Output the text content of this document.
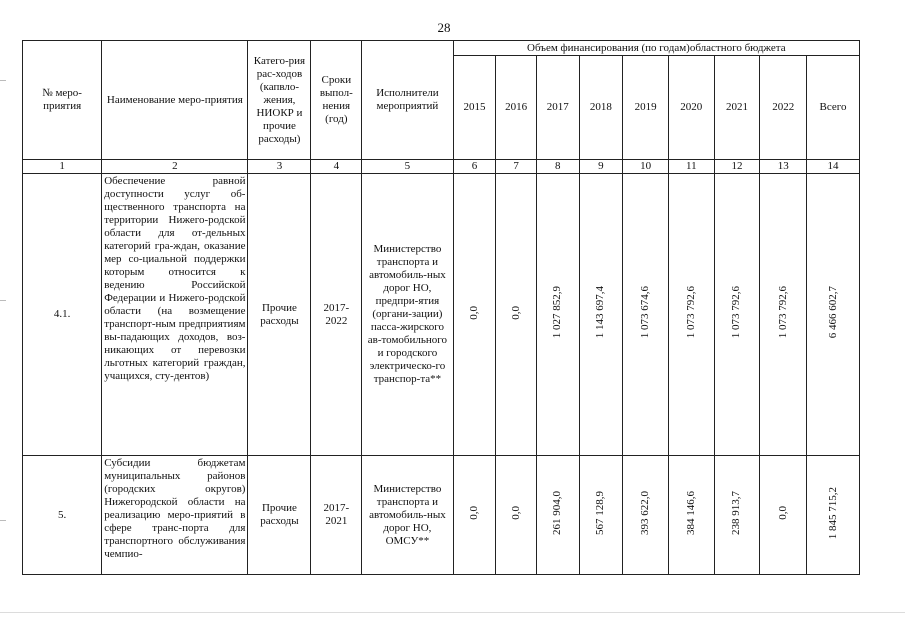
28
№ меро-приятия	Наименование меро-приятия	Катего-рия рас-ходов (капвло-жения, НИОКР и прочие расходы)	Сроки выпол-нения (год)	Исполнители мероприятий	Объем финансирования (по годам)областного бюджета								
					2015	2016	2017	2018	2019	2020	2021	2022	Всего
1	2	3	4	5	6	7	8	9	10	11	12	13	14
4.1.	Обеспечение равной доступности услуг об-щественного транспорта на территории Нижего-родской области для от-дельных категорий гра-ждан, оказание мер со-циальной поддержки которым относится к ведению Российской Федерации и Нижего-родской области (на возмещение транспорт-ным предприятиям вы-падающих доходов, воз-никающих от перевозки льготных категорий граждан, учащихся, сту-дентов)	Прочие расходы	2017-2022	Министерство транспорта и автомобиль-ных дорог НО, предпри-ятия (органи-зации) пасса-жирского ав-томобильного и городского электрическо-го транспор-та**	0,0	0,0	1 027 852,9	1 143 697,4	1 073 674,6	1 073 792,6	1 073 792,6	1 073 792,6	6 466 602,7
5.	Субсидии бюджетам муниципальных районов (городских округов) Нижегородской области на реализацию меро-приятий в сфере транс-порта для транспортного обслуживания чемпио-	Прочие расходы	2017-2021	Министерство транспорта и автомобиль-ных дорог НО, ОМСУ**	0,0	0,0	261 904,0	567 128,9	393 622,0	384 146,6	238 913,7	0,0	1 845 715,2
